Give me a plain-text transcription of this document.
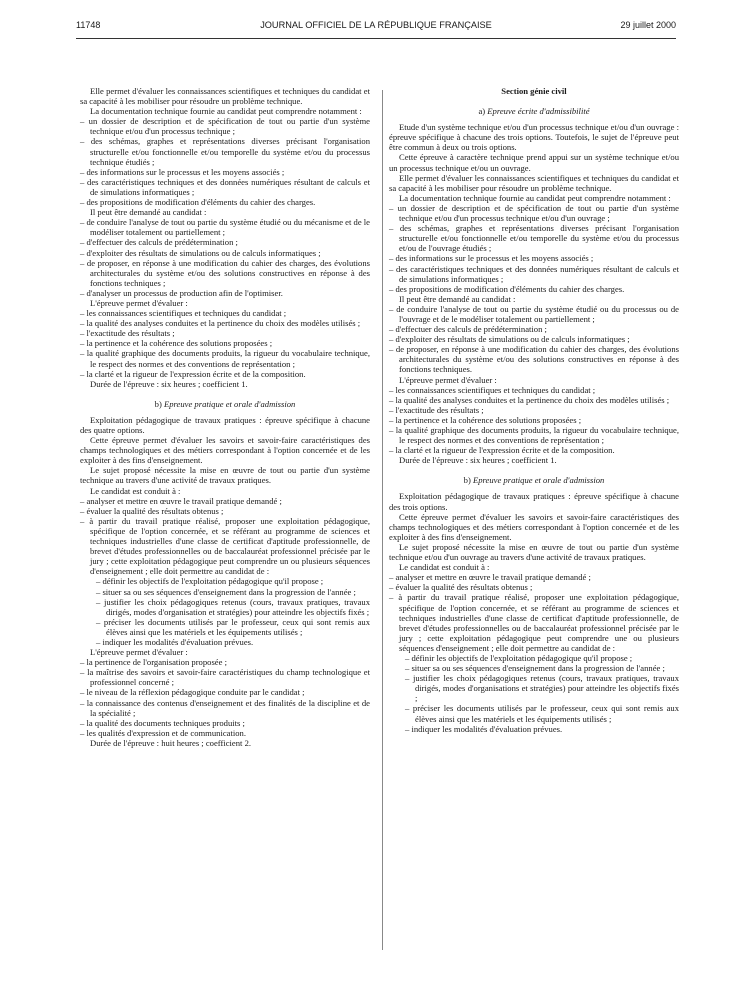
11748	JOURNAL OFFICIEL DE LA RÉPUBLIQUE FRANÇAISE	29 juillet 2000

Elle permet d'évaluer les connaissances scientifiques et techniques du candidat et sa capacité à les mobiliser pour résoudre un problème technique.

La documentation technique fournie au candidat peut comprendre notamment :

– un dossier de description et de spécification de tout ou partie d'un système technique et/ou d'un processus technique ;

– des schémas, graphes et représentations diverses précisant l'organisation structurelle et/ou fonctionnelle et/ou temporelle du système et/ou du processus technique étudiés ;

– des informations sur le processus et les moyens associés ;

– des caractéristiques techniques et des données numériques résultant de calculs et de simulations informatiques ;

– des propositions de modification d'éléments du cahier des charges.

Il peut être demandé au candidat :

– de conduire l'analyse de tout ou partie du système étudié ou du mécanisme et de le modéliser totalement ou partiellement ;

– d'effectuer des calculs de prédétermination ;

– d'exploiter des résultats de simulations ou de calculs informatiques ;

– de proposer, en réponse à une modification du cahier des charges, des évolutions architecturales du système et/ou des solutions constructives en réponse à des fonctions techniques ;

– d'analyser un processus de production afin de l'optimiser.

L'épreuve permet d'évaluer :

– les connaissances scientifiques et techniques du candidat ;

– la qualité des analyses conduites et la pertinence du choix des modèles utilisés ;

– l'exactitude des résultats ;

– la pertinence et la cohérence des solutions proposées ;

– la qualité graphique des documents produits, la rigueur du vocabulaire technique, le respect des normes et des conventions de représentation ;

– la clarté et la rigueur de l'expression écrite et de la composition.

Durée de l'épreuve : six heures ; coefficient 1.

b) Epreuve pratique et orale d'admission

Exploitation pédagogique de travaux pratiques : épreuve spécifique à chacune des quatre options.

Cette épreuve permet d'évaluer les savoirs et savoir-faire caractéristiques des champs technologiques et des métiers correspondant à l'option concernée et de les exploiter à des fins d'enseignement.

Le sujet proposé nécessite la mise en œuvre de tout ou partie d'un système technique au travers d'une activité de travaux pratiques.

Le candidat est conduit à :

– analyser et mettre en œuvre le travail pratique demandé ;

– évaluer la qualité des résultats obtenus ;

– à partir du travail pratique réalisé, proposer une exploitation pédagogique, spécifique de l'option concernée, et se référant au programme de sciences et techniques industrielles d'une classe de certificat d'aptitude professionnelle, de brevet d'études professionnelles ou de baccalauréat professionnel précisée par le jury ; cette exploitation pédagogique peut comprendre un ou plusieurs séquences d'enseignement ; elle doit permettre au candidat de :

– définir les objectifs de l'exploitation pédagogique qu'il propose ;

– situer sa ou ses séquences d'enseignement dans la progression de l'année ;

– justifier les choix pédagogiques retenus (cours, travaux pratiques, travaux dirigés, modes d'organisation et stratégies) pour atteindre les objectifs fixés ;

– préciser les documents utilisés par le professeur, ceux qui sont remis aux élèves ainsi que les matériels et les équipements utilisés ;

– indiquer les modalités d'évaluation prévues.

L'épreuve permet d'évaluer :

– la pertinence de l'organisation proposée ;

– la maîtrise des savoirs et savoir-faire caractéristiques du champ technologique et professionnel concerné ;

– le niveau de la réflexion pédagogique conduite par le candidat ;

– la connaissance des contenus d'enseignement et des finalités de la discipline et de la spécialité ;

– la qualité des documents techniques produits ;

– les qualités d'expression et de communication.

Durée de l'épreuve : huit heures ; coefficient 2.

Section génie civil
a) Epreuve écrite d'admissibilité

Etude d'un système technique et/ou d'un processus technique et/ou d'un ouvrage : épreuve spécifique à chacune des trois options. Toutefois, le sujet de l'épreuve peut être commun à deux ou trois options.

Cette épreuve à caractère technique prend appui sur un système technique et/ou un processus technique et/ou un ouvrage.

Elle permet d'évaluer les connaissances scientifiques et techniques du candidat et sa capacité à les mobiliser pour résoudre un problème technique.

La documentation technique fournie au candidat peut comprendre notamment :

– un dossier de description et de spécification de tout ou partie d'un système technique et/ou d'un processus technique et/ou d'un ouvrage ;

– des schémas, graphes et représentations diverses précisant l'organisation structurelle et/ou fonctionnelle et/ou temporelle du système et/ou du processus et/ou de l'ouvrage étudiés ;

– des informations sur le processus et les moyens associés ;

– des caractéristiques techniques et des données numériques résultant de calculs et de simulations informatiques ;

– des propositions de modification d'éléments du cahier des charges.

Il peut être demandé au candidat :

– de conduire l'analyse de tout ou partie du système étudié ou du processus ou de l'ouvrage et de le modéliser totalement ou partiellement ;

– d'effectuer des calculs de prédétermination ;

– d'exploiter des résultats de simulations ou de calculs informatiques ;

– de proposer, en réponse à une modification du cahier des charges, des évolutions architecturales du système et/ou des solutions constructives en réponse à des fonctions techniques.

L'épreuve permet d'évaluer :

– les connaissances scientifiques et techniques du candidat ;

– la qualité des analyses conduites et la pertinence du choix des modèles utilisés ;

– l'exactitude des résultats ;

– la pertinence et la cohérence des solutions proposées ;

– la qualité graphique des documents produits, la rigueur du vocabulaire technique, le respect des normes et des conventions de représentation ;

– la clarté et la rigueur de l'expression écrite et de la composition.

Durée de l'épreuve : six heures ; coefficient 1.

b) Epreuve pratique et orale d'admission

Exploitation pédagogique de travaux pratiques : épreuve spécifique à chacune des trois options.

Cette épreuve permet d'évaluer les savoirs et savoir-faire caractéristiques des champs technologiques et des métiers correspondant à l'option concernée et de les exploiter à des fins d'enseignement.

Le sujet proposé nécessite la mise en œuvre de tout ou partie d'un système technique et/ou d'un ouvrage au travers d'une activité de travaux pratiques.

Le candidat est conduit à :

– analyser et mettre en œuvre le travail pratique demandé ;

– évaluer la qualité des résultats obtenus ;

– à partir du travail pratique réalisé, proposer une exploitation pédagogique, spécifique de l'option concernée, et se référant au programme de sciences et techniques industrielles d'une classe de certificat d'aptitude professionnelle, de brevet d'études professionnelles ou de baccalauréat professionnel précisée par le jury ; cette exploitation pédagogique peut comprendre une ou plusieurs séquences d'enseignement ; elle doit permettre au candidat de :

– définir les objectifs de l'exploitation pédagogique qu'il propose ;

– situer sa ou ses séquences d'enseignement dans la progression de l'année ;

– justifier les choix pédagogiques retenus (cours, travaux pratiques, travaux dirigés, modes d'organisations et stratégies) pour atteindre les objectifs fixés ;

– préciser les documents utilisés par le professeur, ceux qui sont remis aux élèves ainsi que les matériels et les équipements utilisés ;

– indiquer les modalités d'évaluation prévues.
